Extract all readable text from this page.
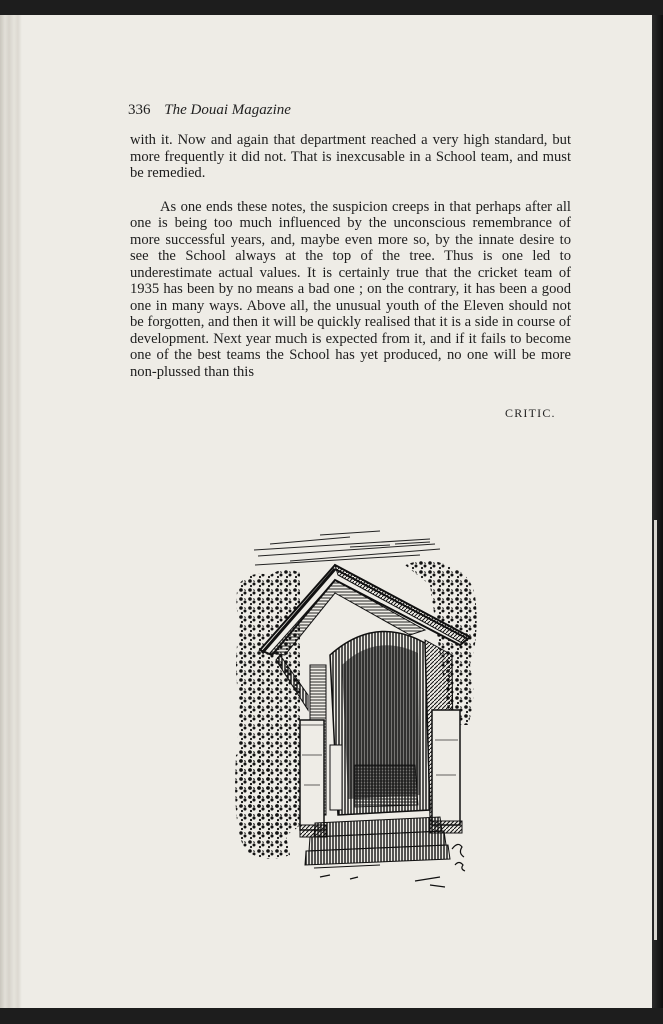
336 The Douai Magazine

with it. Now and again that department reached a very high standard, but more frequently it did not. That is inexcusable in a School team, and must be remedied.

As one ends these notes, the suspicion creeps in that perhaps after all one is being too much influenced by the unconscious remembrance of more successful years, and, maybe even more so, by the innate desire to see the School always at the top of the tree. Thus is one led to underestimate actual values. It is certainly true that the cricket team of 1935 has been by no means a bad one ; on the contrary, it has been a good one in many ways. Above all, the unusual youth of the Eleven should not be forgotten, and then it will be quickly realised that it is a side in course of development. Next year much is expected from it, and if it fails to become one of the best teams the School has yet produced, no one will be more non-plussed than this

CRITIC.
